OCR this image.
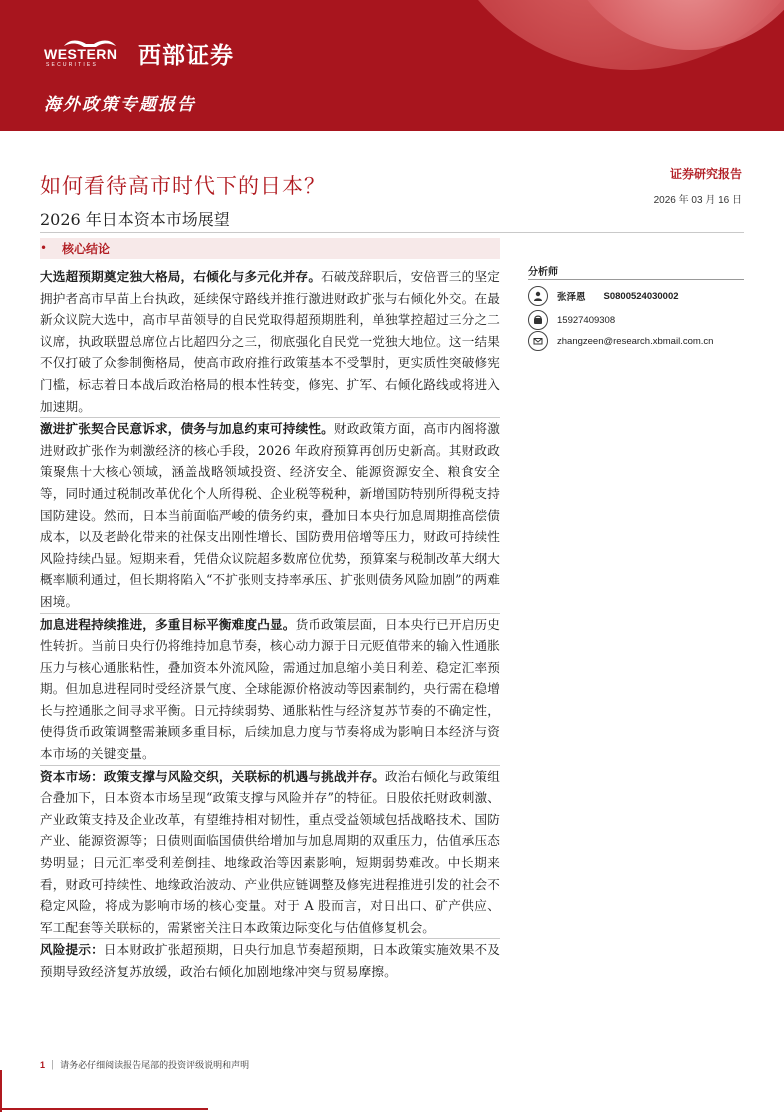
WESTERN
SECURITIES 西部证券
海外政策专题报告
如何看待高市时代下的日本？
2026 年日本资本市场展望
证券研究报告
2026 年 03 月 16 日
• 核心结论

大选超预期奠定独大格局，右倾化与多元化并存。石破茂辞职后，安倍晋三的坚定拥护者高市早苗上台执政，延续保守路线并推行激进财政扩张与右倾化外交。在最新众议院大选中，高市早苗领导的自民党取得超预期胜利，单独掌控超过三分之二议席，执政联盟总席位占比超四分之三，彻底强化自民党一党独大地位。这一结果不仅打破了众参制衡格局，使高市政府推行政策基本不受掣肘，更实质性突破修宪门槛，标志着日本战后政治格局的根本性转变，修宪、扩军、右倾化路线或将进入加速期。

激进扩张契合民意诉求，债务与加息约束可持续性。财政政策方面，高市内阁将激进财政扩张作为刺激经济的核心手段，2026 年政府预算再创历史新高。其财政政策聚焦十大核心领域，涵盖战略领域投资、经济安全、能源资源安全、粮食安全等，同时通过税制改革优化个人所得税、企业税等税种，新增国防特别所得税支持国防建设。然而，日本当前面临严峻的债务约束，叠加日本央行加息周期推高偿债成本，以及老龄化带来的社保支出刚性增长、国防费用倍增等压力，财政可持续性风险持续凸显。短期来看，凭借众议院超多数席位优势，预算案与税制改革大纲大概率顺利通过，但长期将陷入“不扩张则支持率承压、扩张则债务风险加剧”的两难困境。

加息进程持续推进，多重目标平衡难度凸显。货币政策层面，日本央行已开启历史性转折。当前日央行仍将维持加息节奏，核心动力源于日元贬值带来的输入性通胀压力与核心通胀粘性，叠加资本外流风险，需通过加息缩小美日利差、稳定汇率预期。但加息进程同时受经济景气度、全球能源价格波动等因素制约，央行需在稳增长与控通胀之间寻求平衡。日元持续弱势、通胀粘性与经济复苏节奏的不确定性，使得货币政策调整需兼顾多重目标，后续加息力度与节奏将成为影响日本经济与资本市场的关键变量。

资本市场：政策支撑与风险交织，关联标的机遇与挑战并存。政治右倾化与政策组合叠加下，日本资本市场呈现“政策支撑与风险并存”的特征。日股依托财政刺激、产业政策支持及企业改革，有望维持相对韧性，重点受益领域包括战略技术、国防产业、能源资源等；日债则面临国债供给增加与加息周期的双重压力，估值承压态势明显；日元汇率受利差倒挂、地缘政治等因素影响，短期弱势难改。中长期来看，财政可持续性、地缘政治波动、产业供应链调整及修宪进程推进引发的社会不稳定风险，将成为影响市场的核心变量。对于 A 股而言，对日出口、矿产供应、军工配套等关联标的，需紧密关注日本政策边际变化与估值修复机会。

风险提示：日本财政扩张超预期，日央行加息节奏超预期，日本政策实施效果不及预期导致经济复苏放缓，政治右倾化加剧地缘冲突与贸易摩擦。

分析师
张泽恩 S0800524030002
15927409308
zhangzeen@research.xbmail.com.cn
1 | 请务必仔细阅读报告尾部的投资评级说明和声明
